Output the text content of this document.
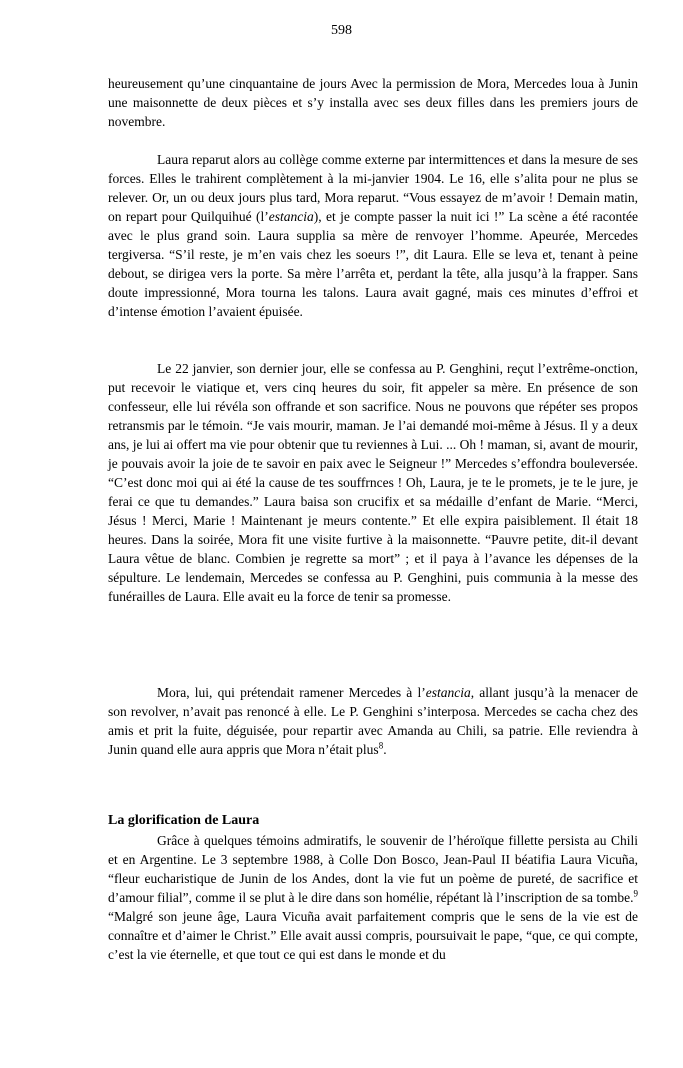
598

heureusement qu’une cinquantaine de jours Avec la permission de Mora, Mercedes loua à Junin une maisonnette de deux pièces et s’y installa avec ses deux filles dans les premiers jours de novembre.

Laura reparut alors au collège comme externe par intermittences et dans la mesure de ses forces. Elles le trahirent complètement à la mi-janvier 1904. Le 16, elle s’alita pour ne plus se relever. Or, un ou deux jours plus tard, Mora reparut. “Vous essayez de m’avoir ! Demain matin, on repart pour Quilquihué (l’estancia), et je compte passer la nuit ici !” La scène a été racontée avec le plus grand soin. Laura supplia sa mère de renvoyer l’homme. Apeurée, Mercedes tergiversa. “S’il reste, je m’en vais chez les soeurs !”, dit Laura. Elle se leva et, tenant à peine debout, se dirigea vers la porte. Sa mère l’arrêta et, perdant la tête, alla jusqu’à la frapper. Sans doute impressionné, Mora tourna les talons. Laura avait gagné, mais ces minutes d’effroi et d’intense émotion l’avaient épuisée.

Le 22 janvier, son dernier jour, elle se confessa au P. Genghini, reçut l’extrême-onction, put recevoir le viatique et, vers cinq heures du soir, fit appeler sa mère. En présence de son confesseur, elle lui révéla son offrande et son sacrifice. Nous ne pouvons que répéter ses propos retransmis par le témoin. “Je vais mourir, maman. Je l’ai demandé moi-même à Jésus. Il y a deux ans, je lui ai offert ma vie pour obtenir que tu reviennes à Lui. ... Oh ! maman, si, avant de mourir, je pouvais avoir la joie de te savoir en paix avec le Seigneur !” Mercedes s’effondra bouleversée. “C’est donc moi qui ai été la cause de tes souffrnces ! Oh, Laura, je te le promets, je te le jure, je ferai ce que tu demandes.” Laura baisa son crucifix et sa médaille d’enfant de Marie. “Merci, Jésus ! Merci, Marie ! Maintenant je meurs contente.” Et elle expira paisiblement. Il était 18 heures. Dans la soirée, Mora fit une visite furtive à la maisonnette. “Pauvre petite, dit-il devant Laura vêtue de blanc. Combien je regrette sa mort” ; et il paya à l’avance les dépenses de la sépulture. Le lendemain, Mercedes se confessa au P. Genghini, puis communia à la messe des funérailles de Laura. Elle avait eu la force de tenir sa promesse.

Mora, lui, qui prétendait ramener Mercedes à l’estancia, allant jusqu’à la menacer de son revolver, n’avait pas renoncé à elle. Le P. Genghini s’interposa. Mercedes se cacha chez des amis et prit la fuite, déguisée, pour repartir avec Amanda au Chili, sa patrie. Elle reviendra à Junin quand elle aura appris que Mora n’était plus$^8$.

La glorification de Laura

Grâce à quelques témoins admiratifs, le souvenir de l’héroïque fillette persista au Chili et en Argentine. Le 3 septembre 1988, à Colle Don Bosco, Jean-Paul II béatifia Laura Vicuña, “fleur eucharistique de Junin de los Andes, dont la vie fut un poème de pureté, de sacrifice et d’amour filial”, comme il se plut à le dire dans son homélie, répétant là l’inscription de sa tombe.$^9$ “Malgré son jeune âge, Laura Vicuña avait parfaitement compris que le sens de la vie est de connaître et d’aimer le Christ.” Elle avait aussi compris, poursuivait le pape, “que, ce qui compte, c’est la vie éternelle, et que tout ce qui est dans le monde et du
